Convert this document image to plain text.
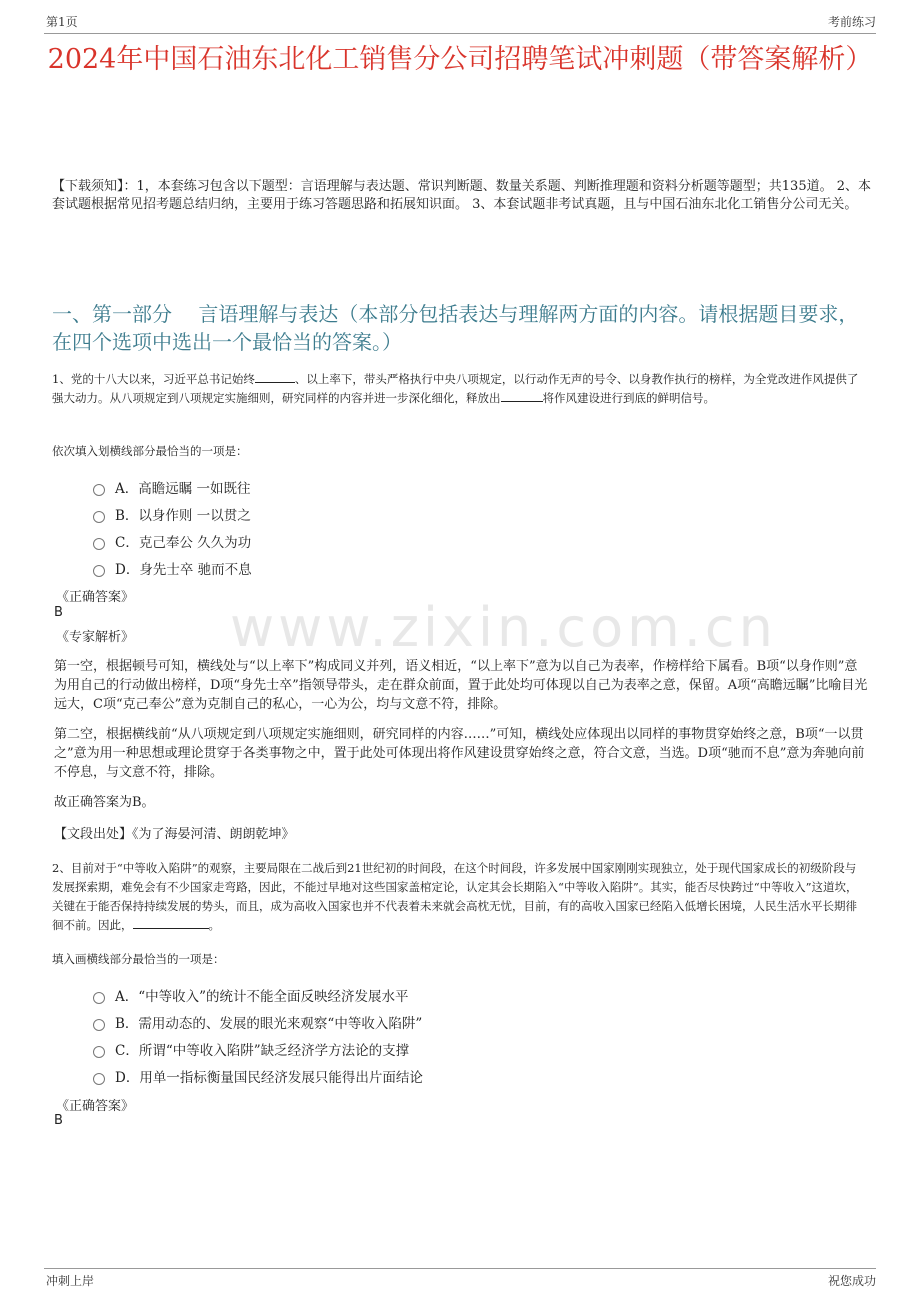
第1页	考前练习
2024年中国石油东北化工销售分公司招聘笔试冲刺题（带答案解析）
【下载须知】：1，本套练习包含以下题型：言语理解与表达题、常识判断题、数量关系题、判断推理题和资料分析题等题型；共135道。 2、本套试题根据常见招考题总结归纳，主要用于练习答题思路和拓展知识面。 3、本套试题非考试真题，且与中国石油东北化工销售分公司无关。
一、第一部分　 言语理解与表达（本部分包括表达与理解两方面的内容。请根据题目要求，在四个选项中选出一个最恰当的答案。）
www.zixin.com.cn
1、党的十八大以来，习近平总书记始终	、以上率下，带头严格执行中央八项规定，以行动作无声的号令、以身教作执行的榜样，为全党改进作风提供了强大动力。从八项规定到八项规定实施细则，研究同样的内容并进一步深化细化，释放出	将作风建设进行到底的鲜明信号。
依次填入划横线部分最恰当的一项是：
A．高瞻远瞩 一如既往
B．以身作则 一以贯之
C．克己奉公 久久为功
D．身先士卒 驰而不息
《正确答案》
B
《专家解析》
第一空，根据顿号可知，横线处与“以上率下”构成同义并列，语义相近，“以上率下”意为以自己为表率，作榜样给下属看。B项“以身作则”意为用自己的行动做出榜样，D项“身先士卒”指领导带头，走在群众前面，置于此处均可体现以自己为表率之意，保留。A项“高瞻远瞩”比喻目光远大，C项“克己奉公”意为克制自己的私心，一心为公，均与文意不符，排除。
第二空，根据横线前“从八项规定到八项规定实施细则，研究同样的内容……”可知，横线处应体现出以同样的事物贯穿始终之意，B项“一以贯之”意为用一种思想或理论贯穿于各类事物之中，置于此处可体现出将作风建设贯穿始终之意，符合文意，当选。D项“驰而不息”意为奔驰向前不停息，与文意不符，排除。
故正确答案为B。
【文段出处】《为了海晏河清、朗朗乾坤》
2、目前对于“中等收入陷阱”的观察，主要局限在二战后到21世纪初的时间段，在这个时间段，许多发展中国家刚刚实现独立，处于现代国家成长的初级阶段与发展探索期，难免会有不少国家走弯路，因此，不能过早地对这些国家盖棺定论，认定其会长期陷入“中等收入陷阱”。其实，能否尽快跨过“中等收入”这道坎，关键在于能否保持持续发展的势头，而且，成为高收入国家也并不代表着未来就会高枕无忧，目前，有的高收入国家已经陷入低增长困境，人民生活水平长期徘徊不前。因此，	。
填入画横线部分最恰当的一项是：
A．“中等收入”的统计不能全面反映经济发展水平
B．需用动态的、发展的眼光来观察“中等收入陷阱”
C．所谓“中等收入陷阱”缺乏经济学方法论的支撑
D．用单一指标衡量国民经济发展只能得出片面结论
《正确答案》
B
冲刺上岸	祝您成功
